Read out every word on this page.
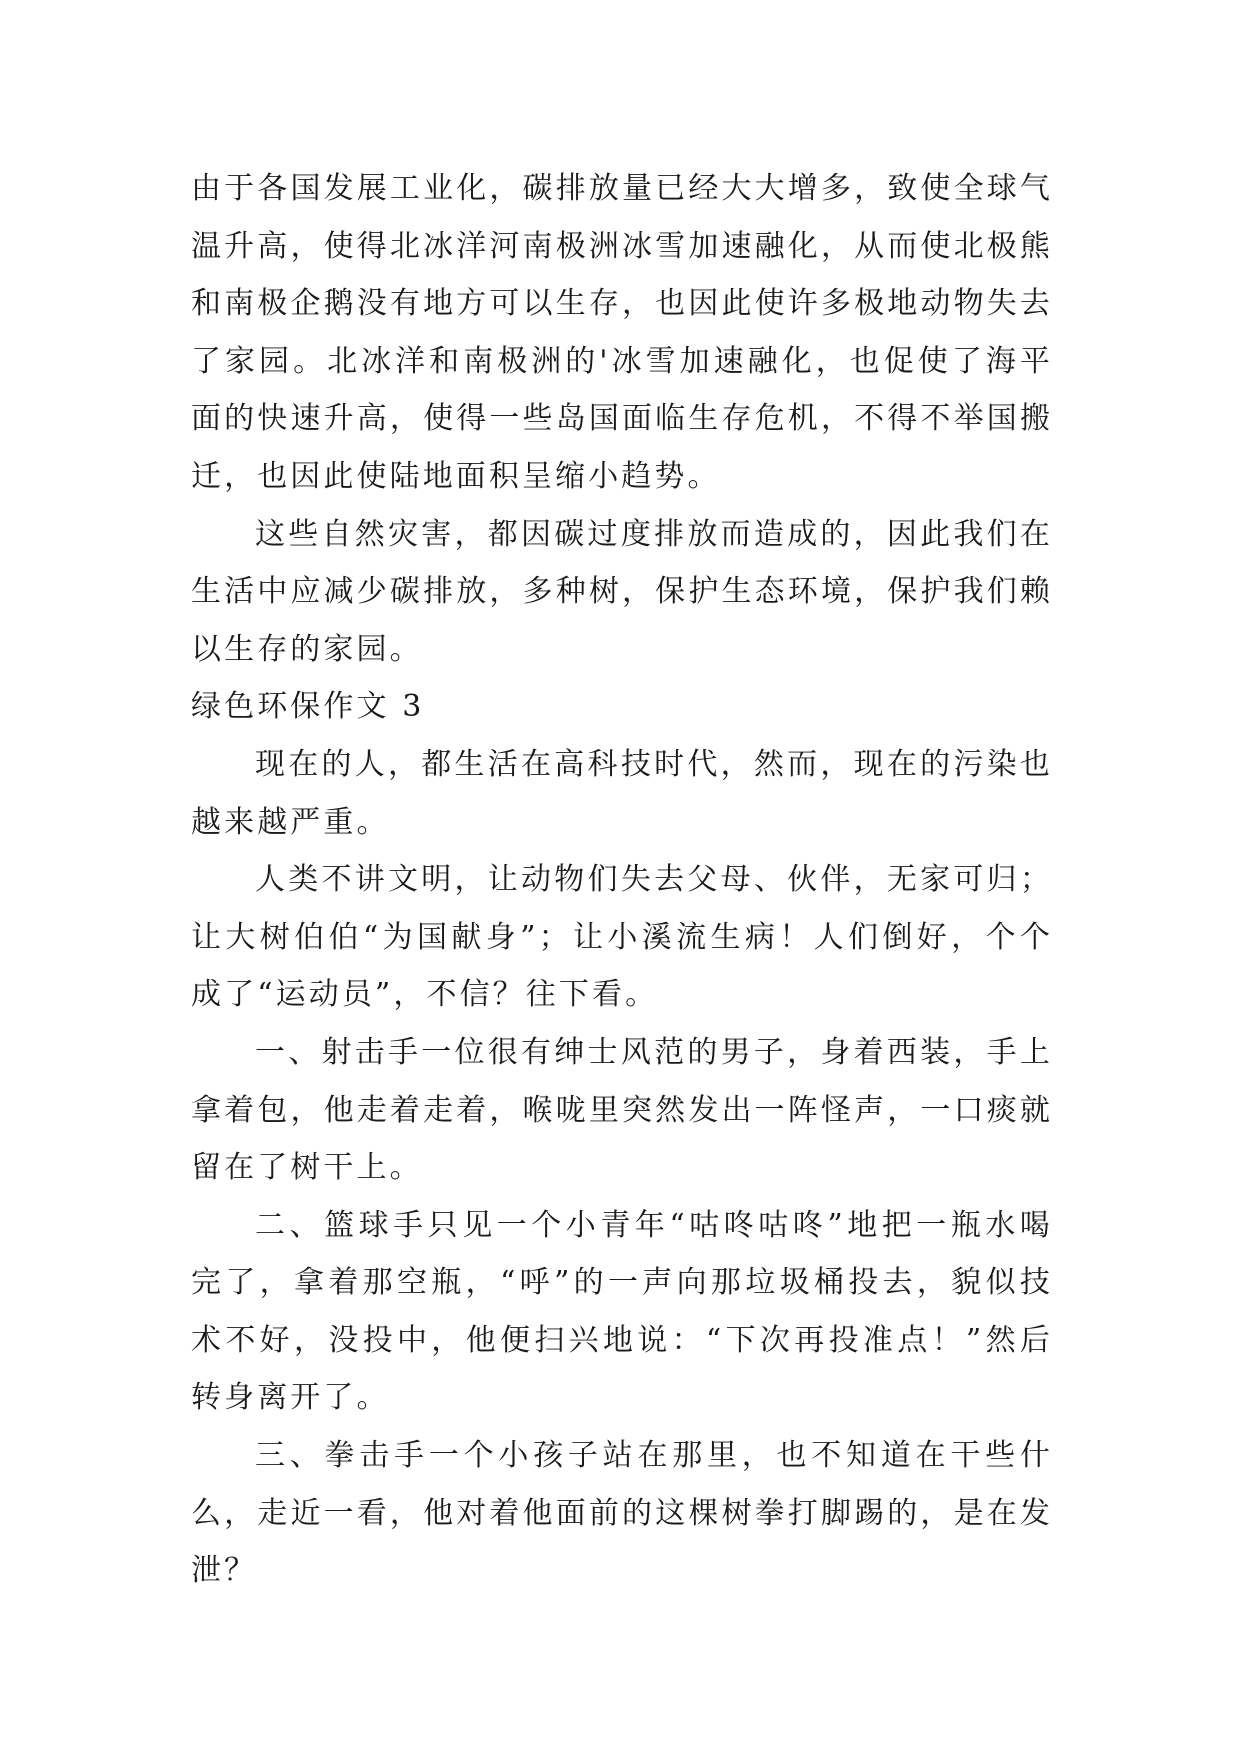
由于各国发展工业化，碳排放量已经大大增多，致使全球气温升高，使得北冰洋河南极洲冰雪加速融化，从而使北极熊和南极企鹅没有地方可以生存，也因此使许多极地动物失去了家园。北冰洋和南极洲的'冰雪加速融化，也促使了海平面的快速升高，使得一些岛国面临生存危机，不得不举国搬迁，也因此使陆地面积呈缩小趋势。

这些自然灾害，都因碳过度排放而造成的，因此我们在生活中应减少碳排放，多种树，保护生态环境，保护我们赖以生存的家园。

绿色环保作文 3

现在的人，都生活在高科技时代，然而，现在的污染也越来越严重。

人类不讲文明，让动物们失去父母、伙伴，无家可归；让大树伯伯“为国献身”；让小溪流生病！人们倒好，个个成了“运动员”，不信？往下看。

一、射击手一位很有绅士风范的男子，身着西装，手上拿着包，他走着走着，喉咙里突然发出一阵怪声，一口痰就留在了树干上。

二、篮球手只见一个小青年“咕咚咕咚”地把一瓶水喝完了，拿着那空瓶，“呼”的一声向那垃圾桶投去，貌似技术不好，没投中，他便扫兴地说：“下次再投准点！”然后转身离开了。

三、拳击手一个小孩子站在那里，也不知道在干些什么，走近一看，他对着他面前的这棵树拳打脚踢的，是在发泄？
